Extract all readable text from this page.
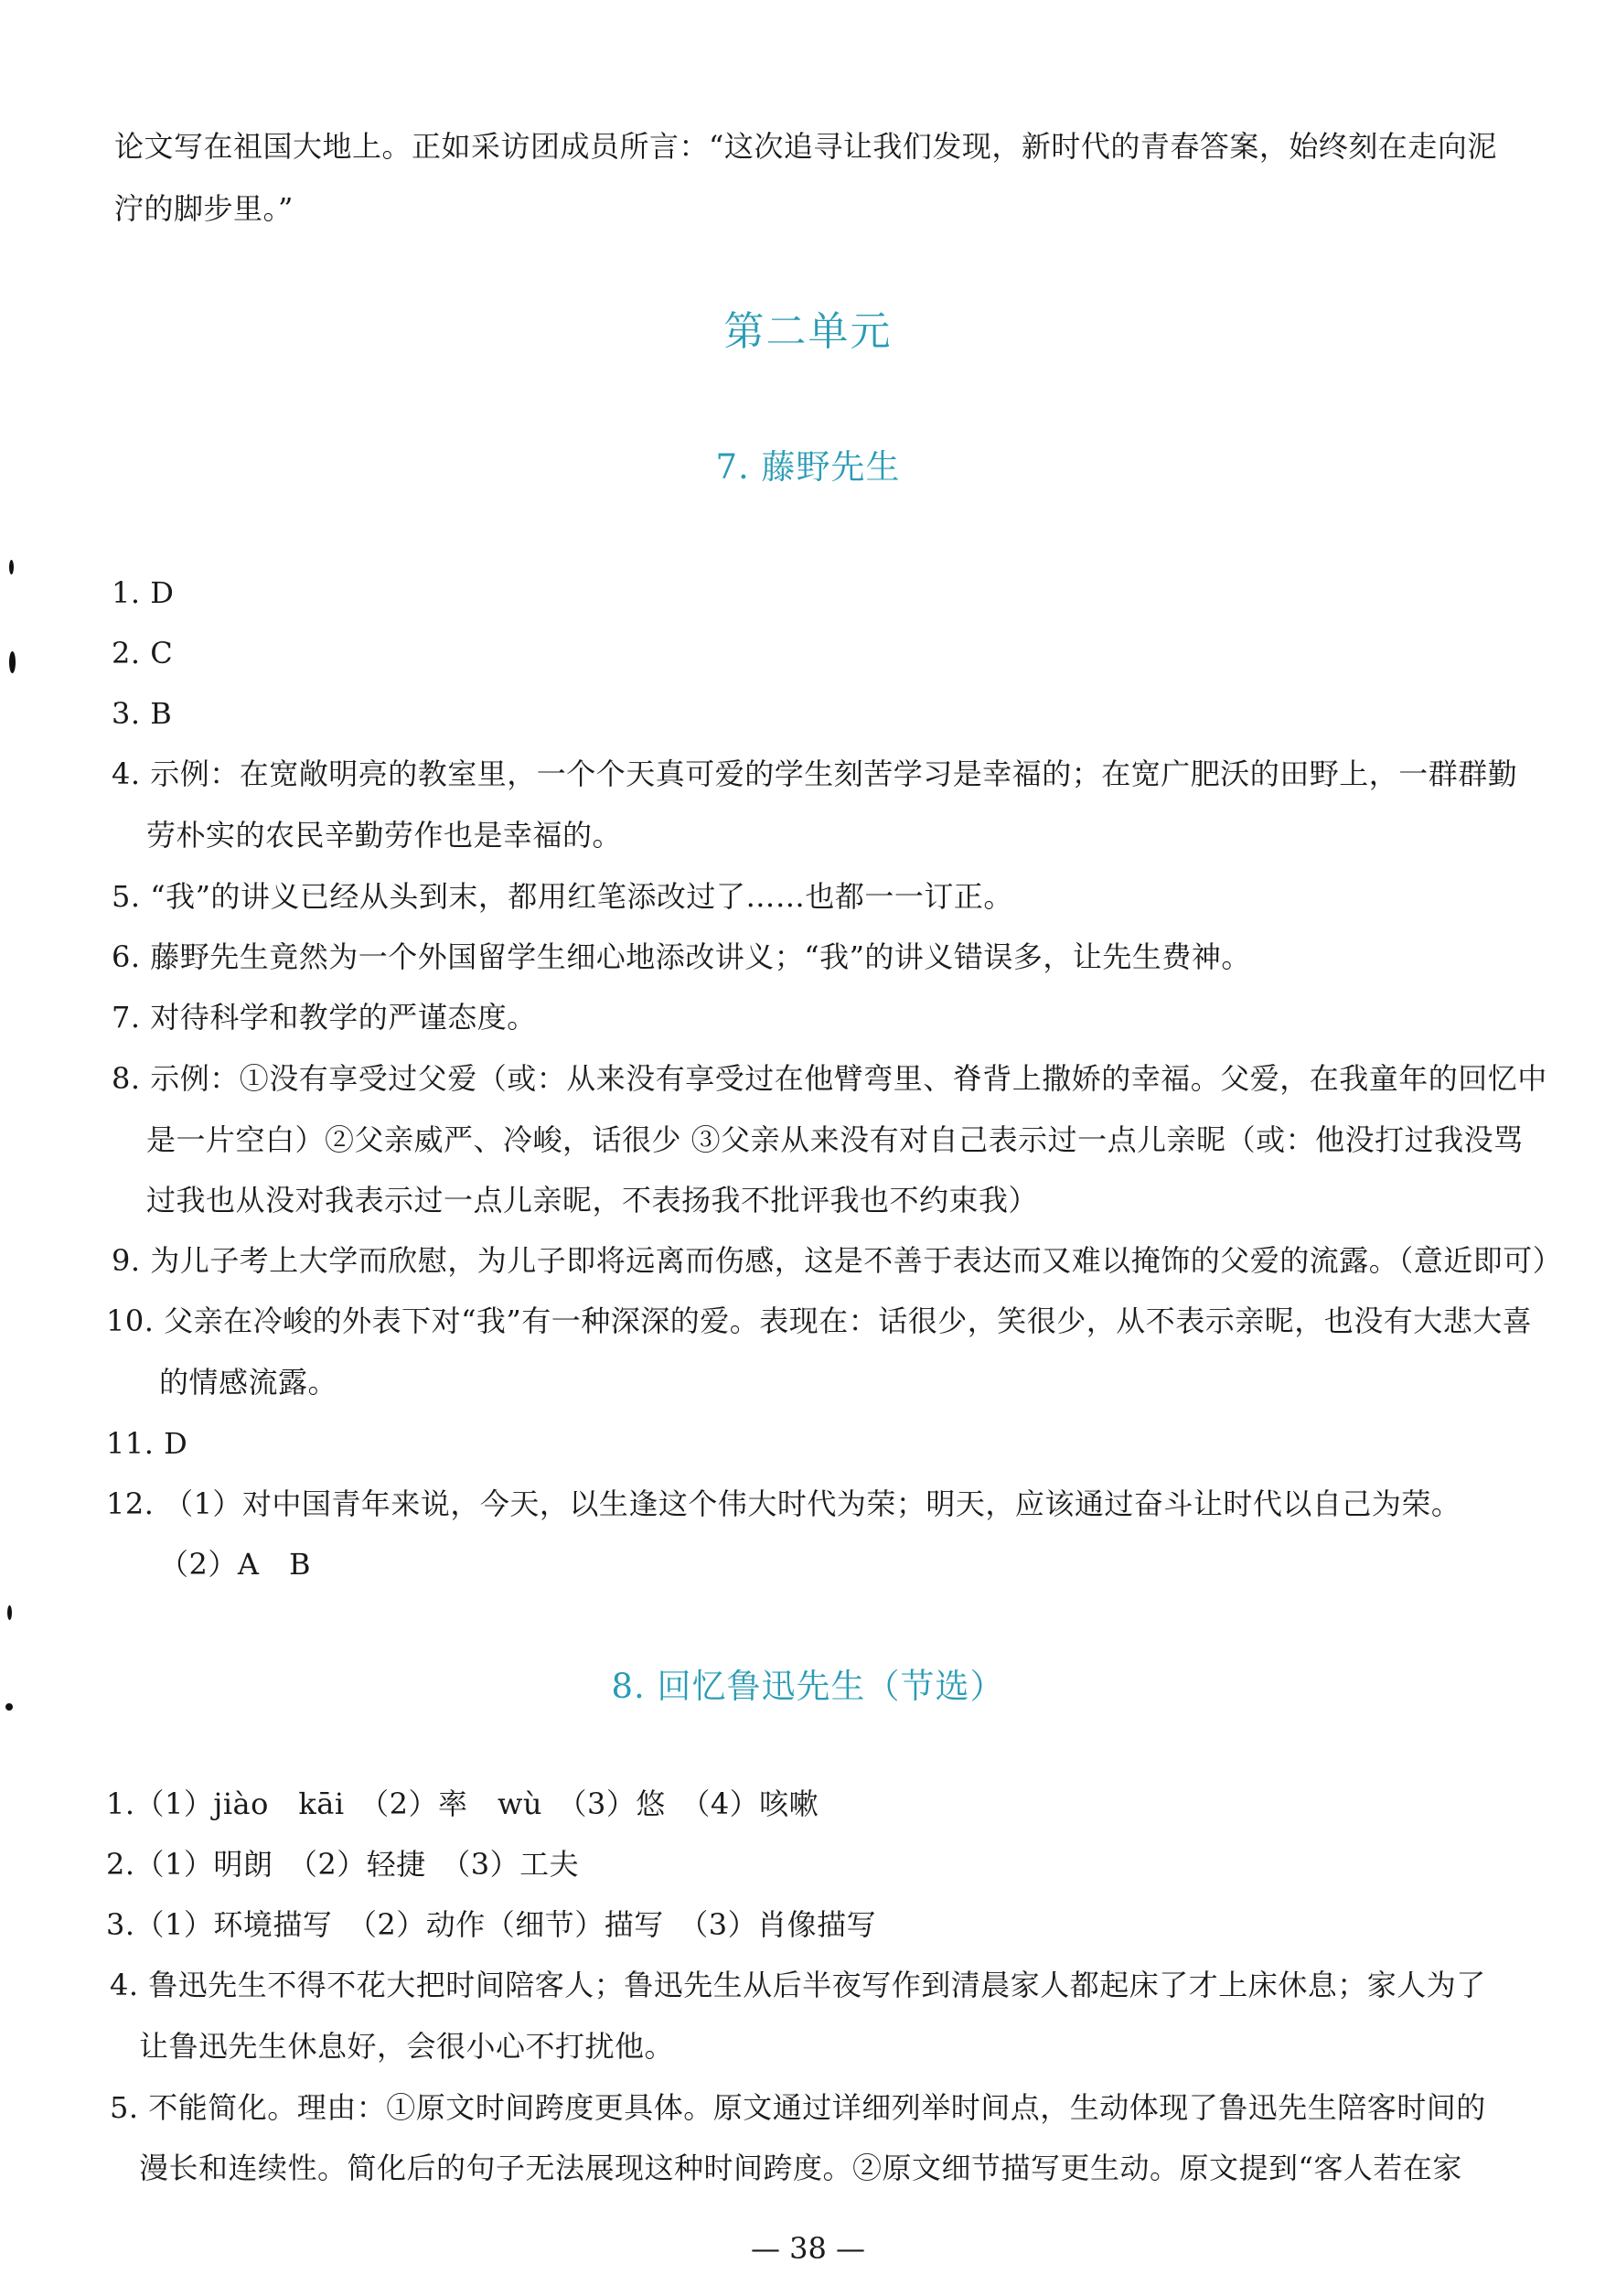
论文写在祖国大地上。正如采访团成员所言：“这次追寻让我们发现，新时代的青春答案，始终刻在走向泥
泞的脚步里。”
第二单元
7. 藤野先生
1. D
2. C
3. B
4. 示例：在宽敞明亮的教室里，一个个天真可爱的学生刻苦学习是幸福的；在宽广肥沃的田野上，一群群勤
劳朴实的农民辛勤劳作也是幸福的。
5. “我”的讲义已经从头到末，都用红笔添改过了……也都一一订正。
6. 藤野先生竟然为一个外国留学生细心地添改讲义；“我”的讲义错误多，让先生费神。
7. 对待科学和教学的严谨态度。
8. 示例：①没有享受过父爱（或：从来没有享受过在他臂弯里、脊背上撒娇的幸福。父爱，在我童年的回忆中
是一片空白）②父亲威严、冷峻，话很少 ③父亲从来没有对自己表示过一点儿亲昵（或：他没打过我没骂
过我也从没对我表示过一点儿亲昵，不表扬我不批评我也不约束我）
9. 为儿子考上大学而欣慰，为儿子即将远离而伤感，这是不善于表达而又难以掩饰的父爱的流露。（意近即可）
10. 父亲在冷峻的外表下对“我”有一种深深的爱。表现在：话很少，笑很少，从不表示亲昵，也没有大悲大喜
的情感流露。
11. D
12. （1）对中国青年来说，今天，以生逢这个伟大时代为荣；明天，应该通过奋斗让时代以自己为荣。
（2）A　B
8. 回忆鲁迅先生（节选）
1.（1）jiào　kāi　（2）率　wù　（3）悠　（4）咳嗽
2.（1）明朗　（2）轻捷　（3）工夫
3.（1）环境描写　（2）动作（细节）描写　（3）肖像描写
4. 鲁迅先生不得不花大把时间陪客人；鲁迅先生从后半夜写作到清晨家人都起床了才上床休息；家人为了
让鲁迅先生休息好，会很小心不打扰他。
5. 不能简化。理由：①原文时间跨度更具体。原文通过详细列举时间点，生动体现了鲁迅先生陪客时间的
漫长和连续性。简化后的句子无法展现这种时间跨度。②原文细节描写更生动。原文提到“客人若在家
— 38 —
